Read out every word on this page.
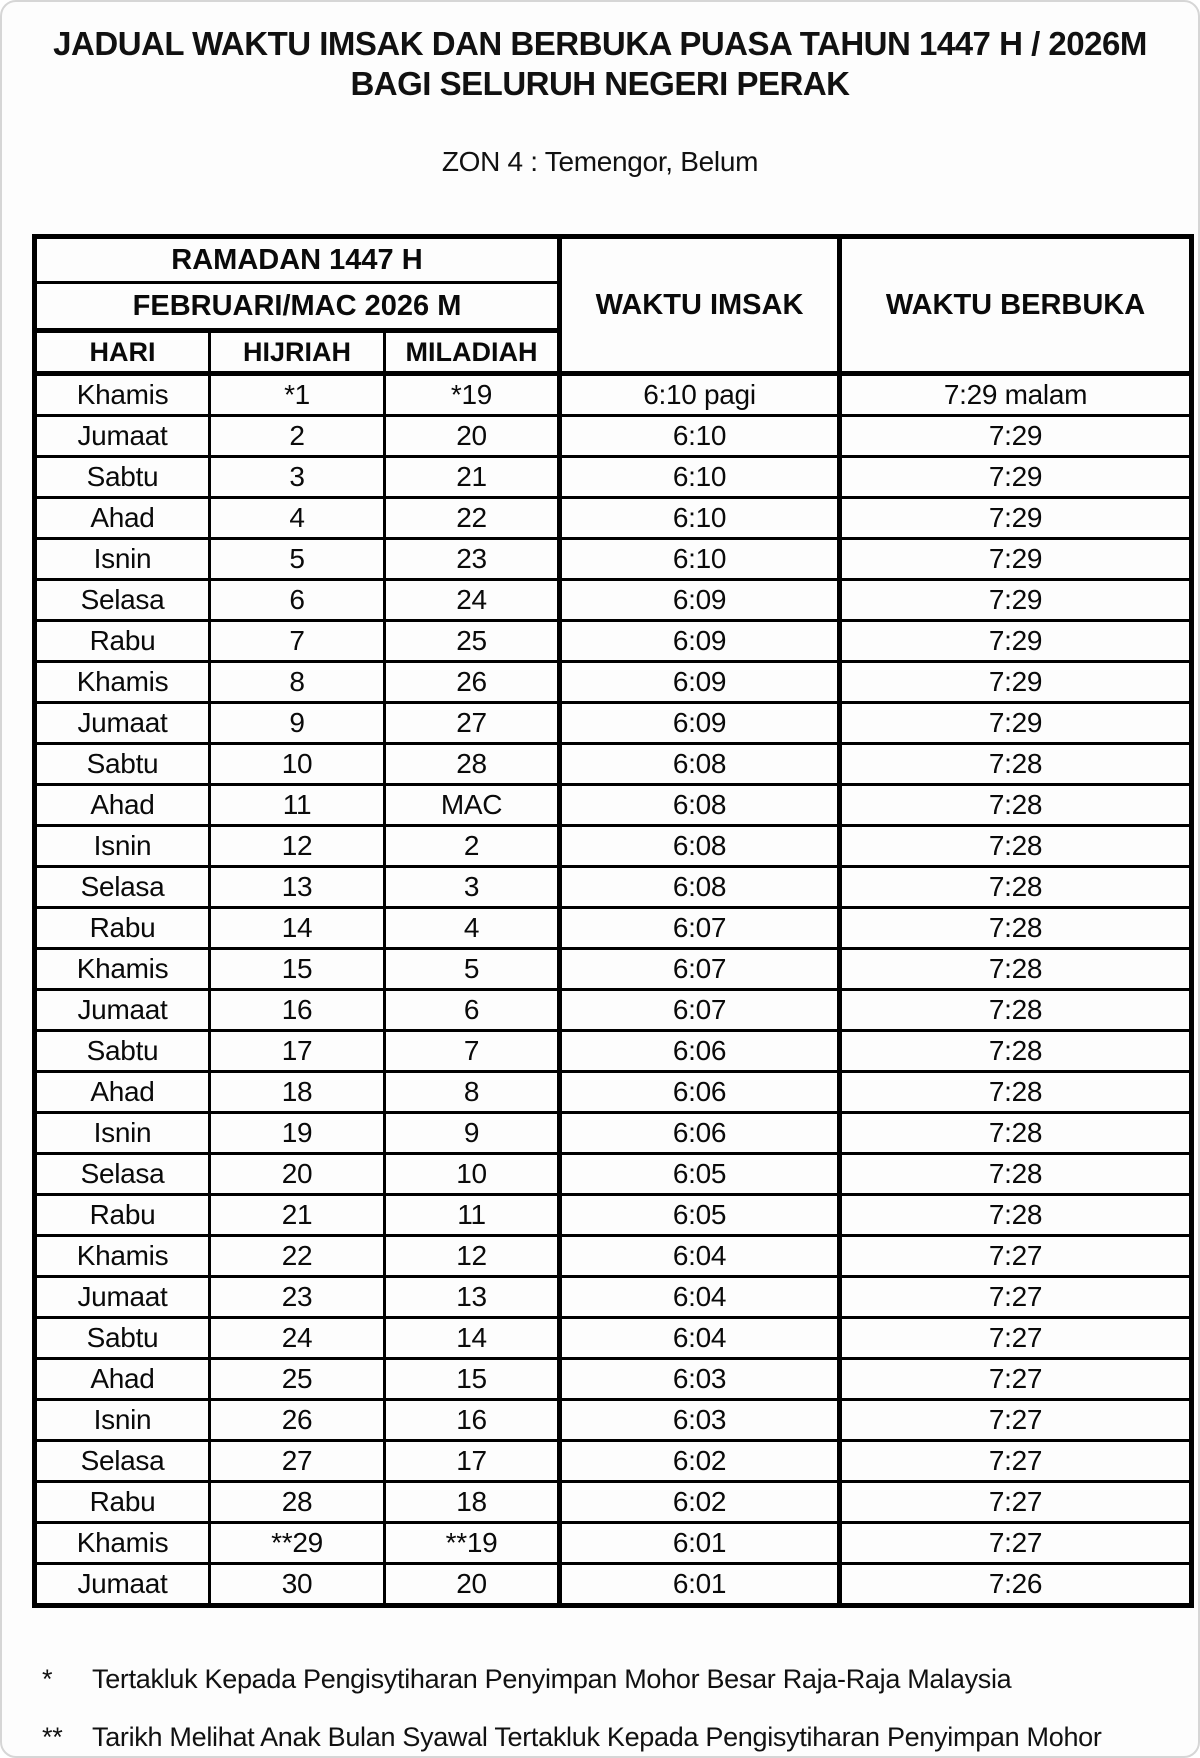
JADUAL WAKTU IMSAK DAN BERBUKA PUASA TAHUN 1447 H / 2026M
BAGI SELURUH NEGERI PERAK
ZON 4 : Temengor, Belum
RAMADAN 1447 H			WAKTU IMSAK	WAKTU BERBUKA
FEBRUARI/MAC 2026 M				
HARI	HIJRIAH	MILADIAH		
Khamis	*1	*19	6:10 pagi	7:29 malam
Jumaat	2	20	6:10	7:29
Sabtu	3	21	6:10	7:29
Ahad	4	22	6:10	7:29
Isnin	5	23	6:10	7:29
Selasa	6	24	6:09	7:29
Rabu	7	25	6:09	7:29
Khamis	8	26	6:09	7:29
Jumaat	9	27	6:09	7:29
Sabtu	10	28	6:08	7:28
Ahad	11	MAC	6:08	7:28
Isnin	12	2	6:08	7:28
Selasa	13	3	6:08	7:28
Rabu	14	4	6:07	7:28
Khamis	15	5	6:07	7:28
Jumaat	16	6	6:07	7:28
Sabtu	17	7	6:06	7:28
Ahad	18	8	6:06	7:28
Isnin	19	9	6:06	7:28
Selasa	20	10	6:05	7:28
Rabu	21	11	6:05	7:28
Khamis	22	12	6:04	7:27
Jumaat	23	13	6:04	7:27
Sabtu	24	14	6:04	7:27
Ahad	25	15	6:03	7:27
Isnin	26	16	6:03	7:27
Selasa	27	17	6:02	7:27
Rabu	28	18	6:02	7:27
Khamis	**29	**19	6:01	7:27
Jumaat	30	20	6:01	7:26
*	Tertakluk Kepada Pengisytiharan Penyimpan Mohor Besar Raja-Raja Malaysia
**	Tarikh Melihat Anak Bulan Syawal Tertakluk Kepada Pengisytiharan Penyimpan Mohor
